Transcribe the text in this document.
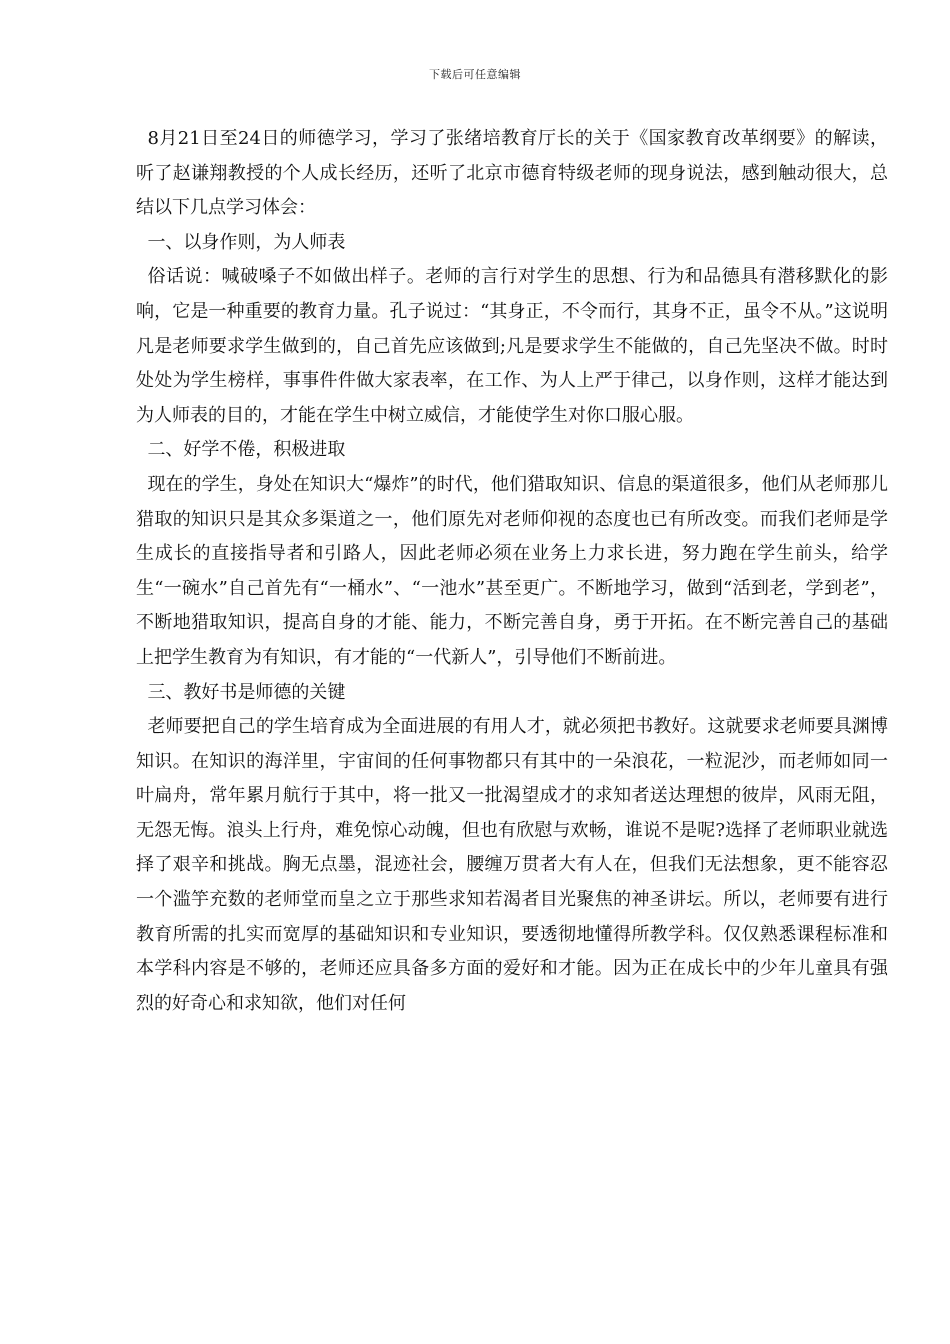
下载后可任意编辑

8月21日至24日的师德学习，学习了张绪培教育厅长的关于《国家教育改革纲要》的解读，听了赵谦翔教授的个人成长经历，还听了北京市德育特级老师的现身说法，感到触动很大，总结以下几点学习体会：

一、以身作则，为人师表

俗话说：喊破嗓子不如做出样子。老师的言行对学生的思想、行为和品德具有潜移默化的影响，它是一种重要的教育力量。孔子说过：“其身正，不令而行，其身不正，虽令不从。”这说明凡是老师要求学生做到的，自己首先应该做到;凡是要求学生不能做的，自己先坚决不做。时时处处为学生榜样，事事件件做大家表率，在工作、为人上严于律己，以身作则，这样才能达到为人师表的目的，才能在学生中树立威信，才能使学生对你口服心服。

二、好学不倦，积极进取

现在的学生，身处在知识大“爆炸”的时代，他们猎取知识、信息的渠道很多，他们从老师那儿猎取的知识只是其众多渠道之一，他们原先对老师仰视的态度也已有所改变。而我们老师是学生成长的直接指导者和引路人，因此老师必须在业务上力求长进，努力跑在学生前头，给学生“一碗水”自己首先有“一桶水”、“一池水”甚至更广。不断地学习，做到“活到老，学到老”，不断地猎取知识，提高自身的才能、能力，不断完善自身，勇于开拓。在不断完善自己的基础上把学生教育为有知识，有才能的“一代新人”，引导他们不断前进。

三、教好书是师德的关键

老师要把自己的学生培育成为全面进展的有用人才，就必须把书教好。这就要求老师要具渊博知识。在知识的海洋里，宇宙间的任何事物都只有其中的一朵浪花，一粒泥沙，而老师如同一叶扁舟，常年累月航行于其中，将一批又一批渴望成才的求知者送达理想的彼岸，风雨无阻，无怨无悔。浪头上行舟，难免惊心动魄，但也有欣慰与欢畅，谁说不是呢?选择了老师职业就选择了艰辛和挑战。胸无点墨，混迹社会，腰缠万贯者大有人在，但我们无法想象，更不能容忍一个滥竽充数的老师堂而皇之立于那些求知若渴者目光聚焦的神圣讲坛。所以，老师要有进行教育所需的扎实而宽厚的基础知识和专业知识，要透彻地懂得所教学科。仅仅熟悉课程标准和本学科内容是不够的，老师还应具备多方面的爱好和才能。因为正在成长中的少年儿童具有强烈的好奇心和求知欲，他们对任何
